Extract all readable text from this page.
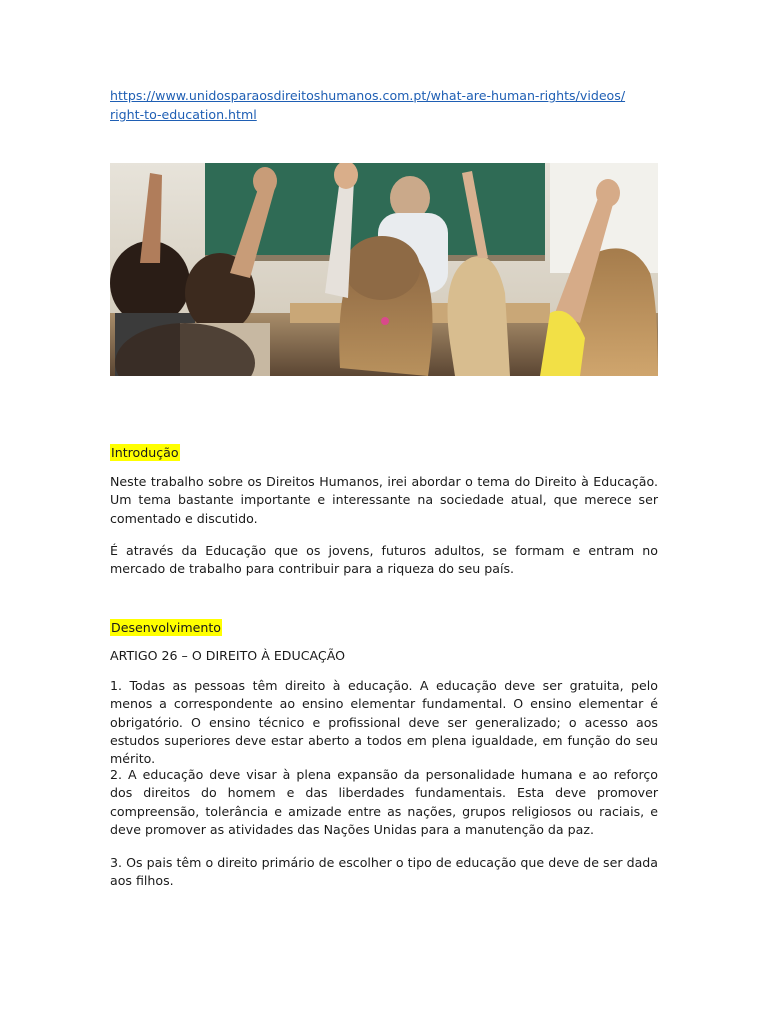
https://www.unidosparaosdireitoshumanos.com.pt/what-are-human-rights/videos/
right-to-education.html
Introdução
Neste trabalho sobre os Direitos Humanos, irei abordar o tema do Direito à Educação. Um tema bastante importante e interessante na sociedade atual, que merece ser comentado e discutido.
É através da Educação que os jovens, futuros adultos, se formam e entram no mercado de trabalho para contribuir para a riqueza do seu país.
Desenvolvimento
ARTIGO 26 – O DIREITO À EDUCAÇÃO
1. Todas as pessoas têm direito à educação. A educação deve ser gratuita, pelo menos a correspondente ao ensino elementar fundamental. O ensino elementar é obrigatório. O ensino técnico e profissional deve ser generalizado; o acesso aos estudos superiores deve estar aberto a todos em plena igualdade, em função do seu mérito.
2. A educação deve visar à plena expansão da personalidade humana e ao reforço dos direitos do homem e das liberdades fundamentais. Esta deve promover compreensão, tolerância e amizade entre as nações, grupos religiosos ou raciais, e deve promover as atividades das Nações Unidas para a manutenção da paz.
3. Os pais têm o direito primário de escolher o tipo de educação que deve de ser dada aos filhos.
